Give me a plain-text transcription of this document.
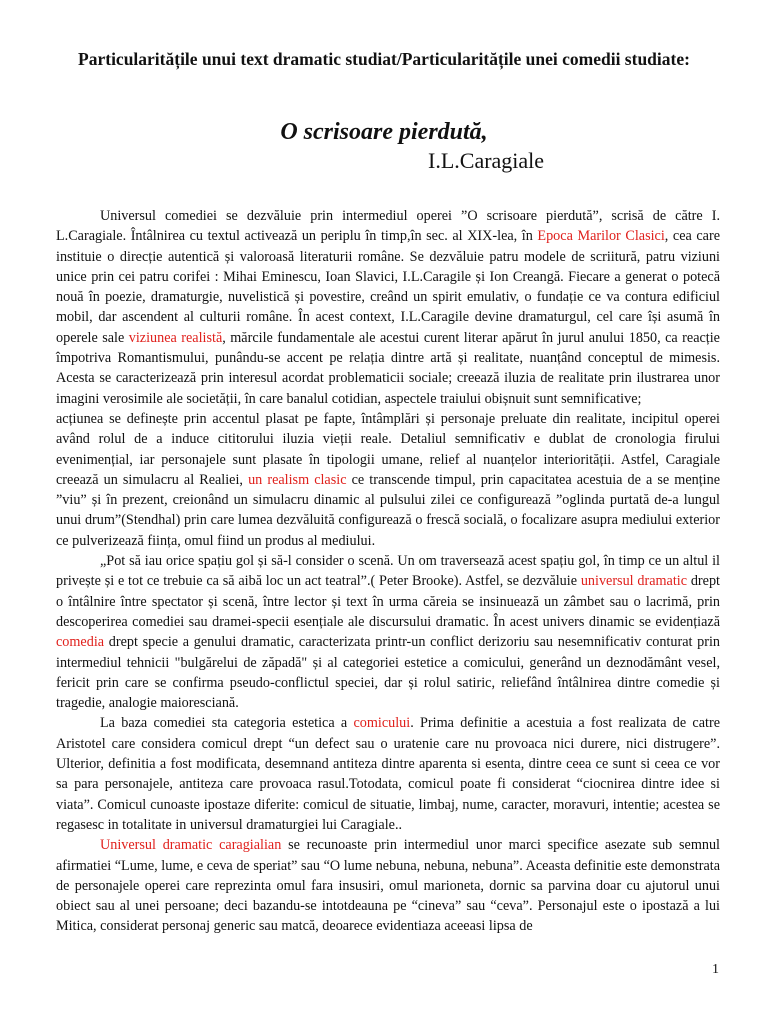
Particularitățile unui text dramatic studiat/Particularitățile unei comedii studiate:
O scrisoare pierdută,
I.L.Caragiale

Universul comediei se dezvăluie prin intermediul operei ”O scrisoare pierdută”, scrisă de către I. L.Caragiale. Întâlnirea cu textul activează un periplu în timp,în sec. al XIX-lea, în Epoca Marilor Clasici, cea care instituie o direcție autentică și valoroasă literaturii române. Se dezvăluie patru modele de scriitură, patru viziuni unice prin cei patru corifei : Mihai Eminescu, Ioan Slavici, I.L.Caragile și Ion Creangă. Fiecare a generat o potecă nouă în poezie, dramaturgie, nuvelistică și povestire, creând un spirit emulativ, o fundație ce va contura edificiul mobil, dar ascendent al culturii române. În acest context, I.L.Caragile devine dramaturgul, cel care își asumă în operele sale viziunea realistă, mărcile fundamentale ale acestui curent literar apărut în jurul anului 1850, ca reacție împotriva Romantismului, punându-se accent pe relația dintre artă și realitate, nuanțând conceptul de mimesis. Acesta se caracterizează prin interesul acordat problematicii sociale; creează iluzia de realitate prin ilustrarea unor imagini verosimile ale societății, în care banalul cotidian, aspectele traiului obișnuit sunt semnificative;

acțiunea se definește prin accentul plasat pe fapte, întâmplări și personaje preluate din realitate, incipitul operei având rolul de a induce cititorului iluzia vieții reale. Detaliul semnificativ e dublat de cronologia firului evenimențial, iar personajele sunt plasate în tipologii umane, relief al nuanțelor interiorității. Astfel, Caragiale creează un simulacru al Realiei, un realism clasic ce transcende timpul, prin capacitatea acestuia de a se menține ”viu” și în prezent, creionând un simulacru dinamic al pulsului zilei ce configurează ”oglinda purtată de-a lungul unui drum”(Stendhal) prin care lumea dezvăluită configurează o frescă socială, o focalizare asupra mediului exterior ce pulverizează ființa, omul fiind un produs al mediului.

„Pot să iau orice spațiu gol și să-l consider o scenă. Un om traversează acest spațiu gol, în timp ce un altul il privește și e tot ce trebuie ca să aibă loc un act teatral”.( Peter Brooke). Astfel, se dezvăluie universul dramatic drept o întâlnire între spectator și scenă, între lector și text în urma căreia se insinuează un zâmbet sau o lacrimă, prin descoperirea comediei sau dramei-specii esențiale ale discursului dramatic. În acest univers dinamic se evidențiază comedia drept specie a genului dramatic, caracterizata printr-un conflict derizoriu sau nesemnificativ conturat prin intermediul tehnicii "bulgărelui de zăpadă" și al categoriei estetice a comicului, generând un deznodământ vesel, fericit prin care se confirma pseudo-conflictul speciei, dar și rolul satiric, reliefând întâlnirea dintre comedie și tragedie, analogie maioresciană.

La baza comediei sta categoria estetica a comicului. Prima definitie a acestuia a fost realizata de catre Aristotel care considera comicul drept “un defect sau o uratenie care nu provoaca nici durere, nici distrugere”. Ulterior, definitia a fost modificata, desemnand antiteza dintre aparenta si esenta, dintre ceea ce sunt si ceea ce vor sa para personajele, antiteza care provoaca rasul.Totodata, comicul poate fi considerat “ciocnirea dintre idee si viata”. Comicul cunoaste ipostaze diferite: comicul de situatie, limbaj, nume, caracter, moravuri, intentie; acestea se regasesc in totalitate in universul dramaturgiei lui Caragiale..

Universul dramatic caragialian se recunoaste prin intermediul unor marci specifice asezate sub semnul afirmatiei “Lume, lume, e ceva de speriat” sau “O lume nebuna, nebuna, nebuna”. Aceasta definitie este demonstrata de personajele operei care reprezinta omul fara insusiri, omul marioneta, dornic sa parvina doar cu ajutorul unui obiect sau al unei persoane; deci bazandu-se intotdeauna pe “cineva” sau “ceva”. Personajul este o ipostază a lui Mitica, considerat personaj generic sau matcă, deoarece evidentiaza aceeasi lipsa de

1
